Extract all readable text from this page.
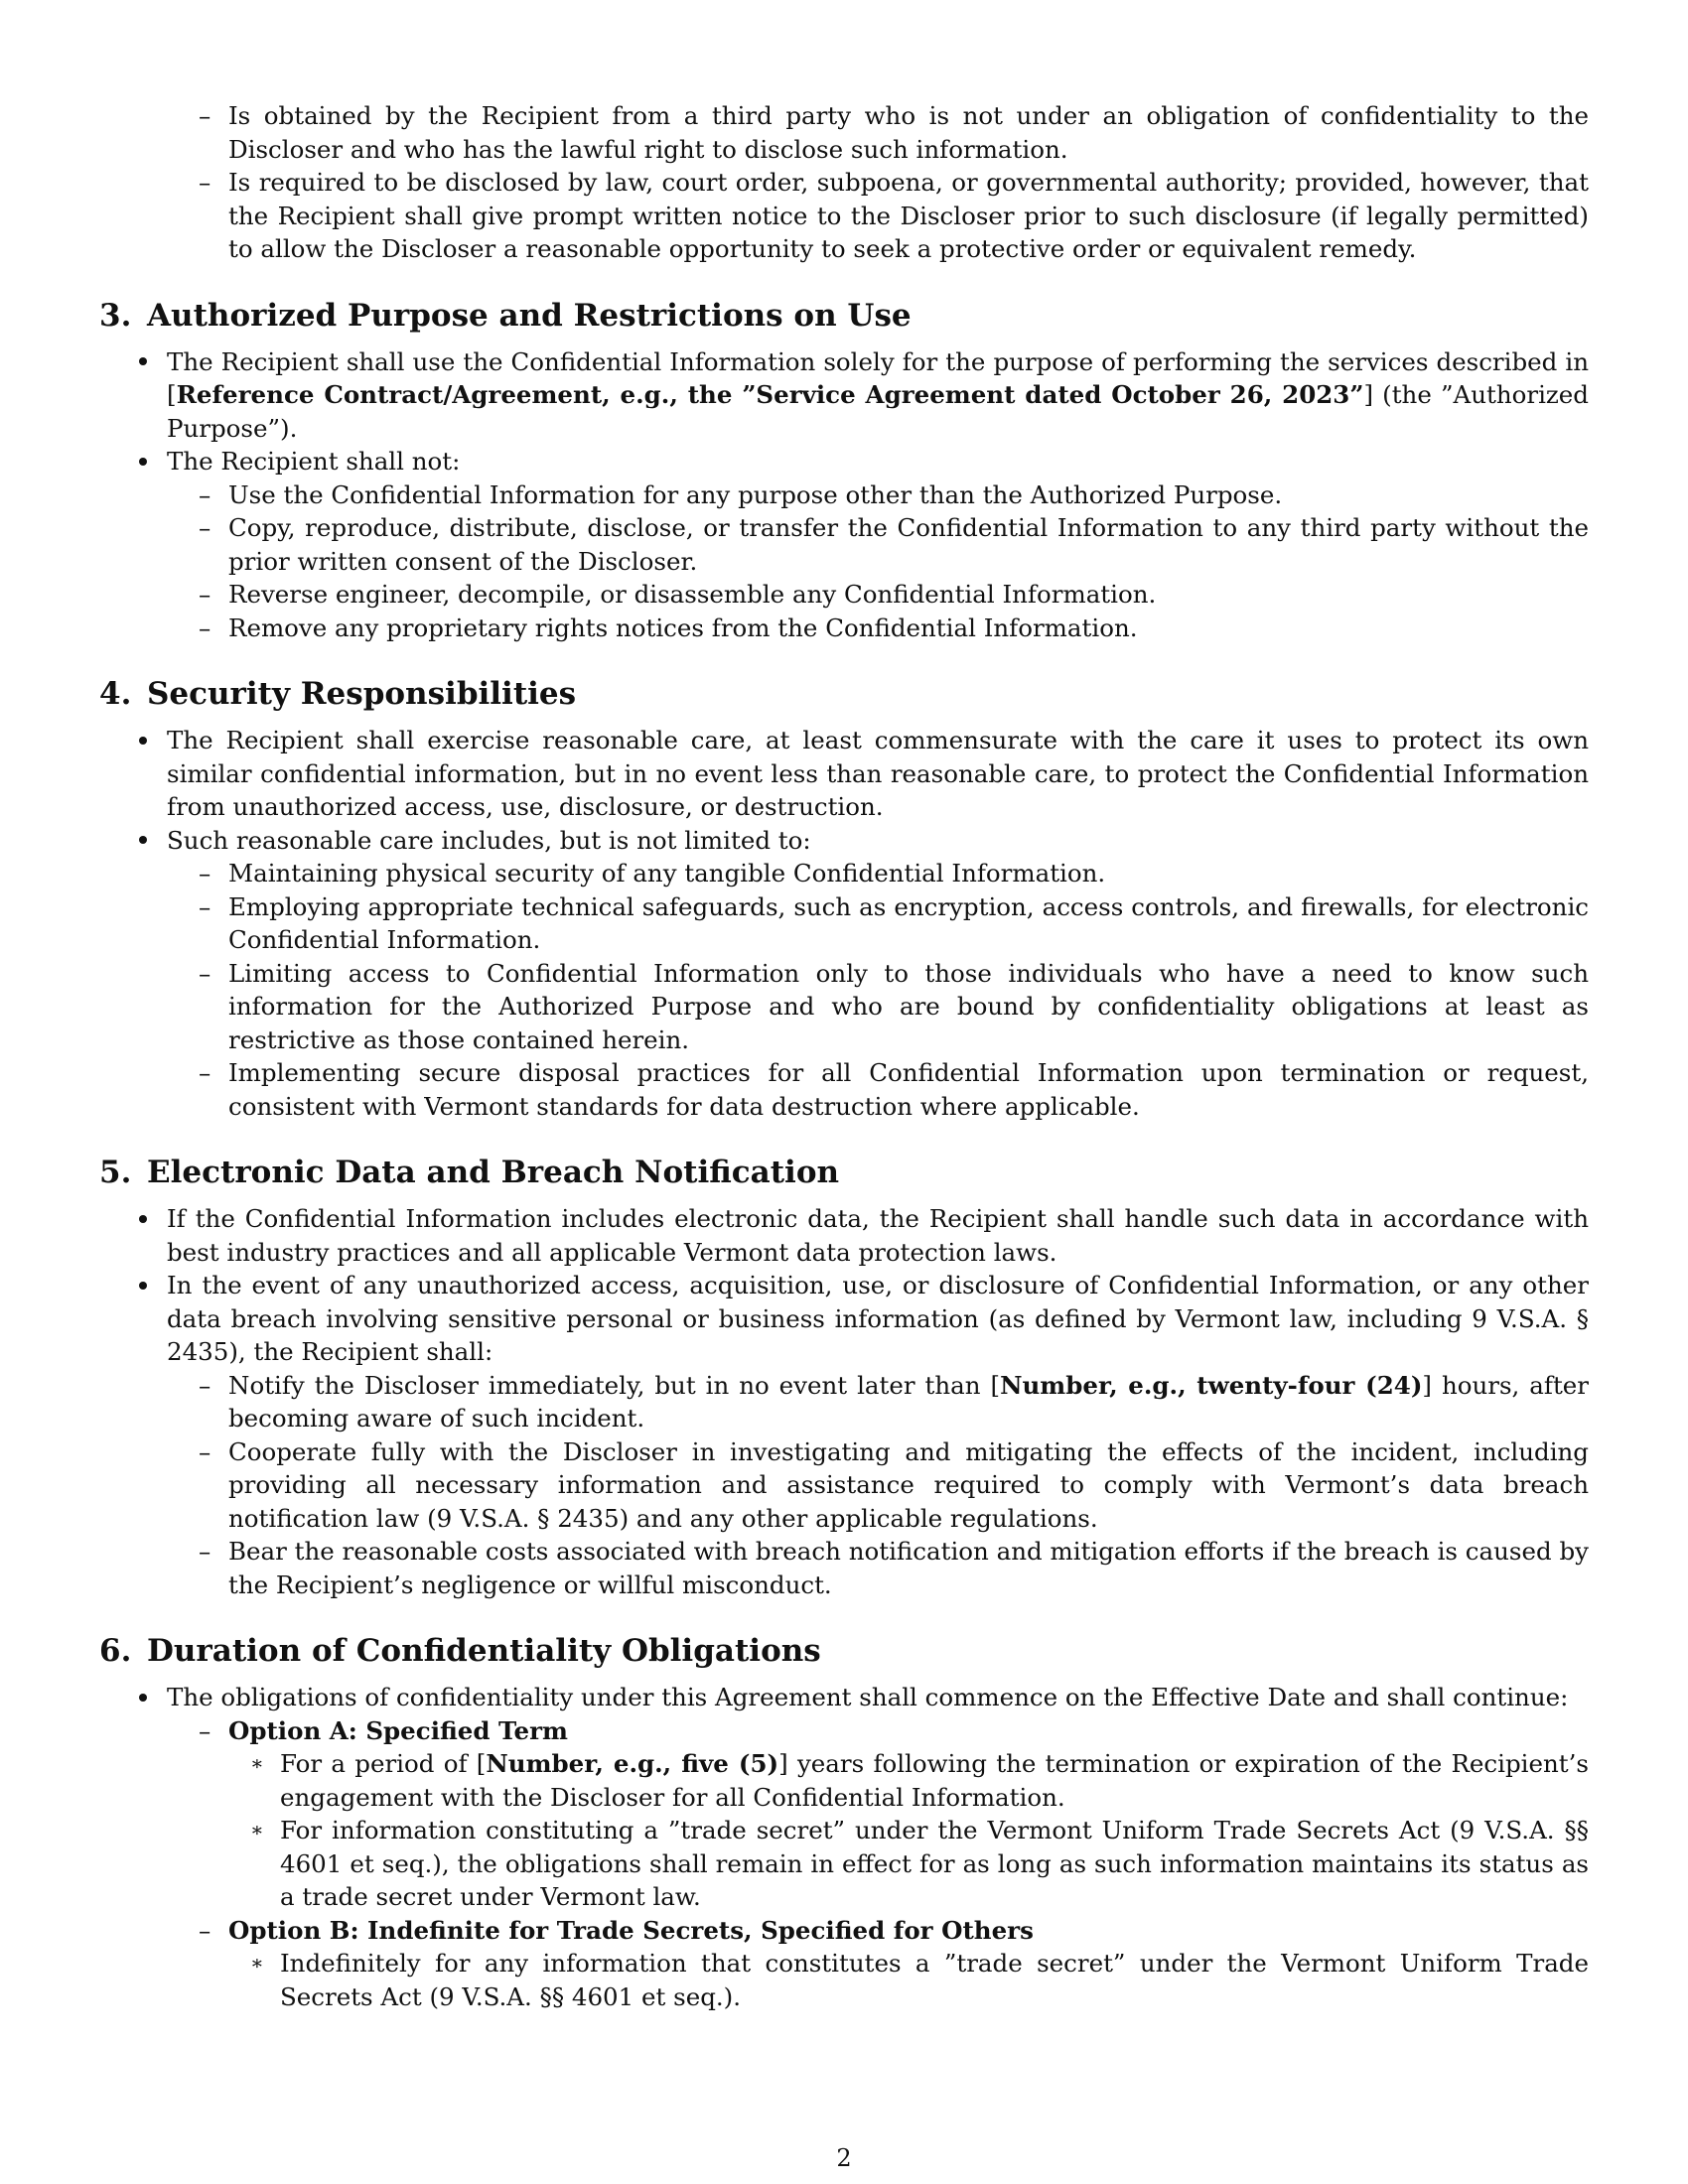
– Is obtained by the Recipient from a third party who is not under an obligation of confidentiality to the Discloser and who has the lawful right to disclose such information.
– Is required to be disclosed by law, court order, subpoena, or governmental authority; provided, however, that the Recipient shall give prompt written notice to the Discloser prior to such disclosure (if legally permitted) to allow the Discloser a reasonable opportunity to seek a protective order or equivalent remedy.
3. Authorized Purpose and Restrictions on Use
The Recipient shall use the Confidential Information solely for the purpose of performing the services described in [Reference Contract/Agreement, e.g., the ”Service Agreement dated October 26, 2023”] (the ”Authorized Purpose”).
The Recipient shall not:
– Use the Confidential Information for any purpose other than the Authorized Purpose.
– Copy, reproduce, distribute, disclose, or transfer the Confidential Information to any third party without the prior written consent of the Discloser.
– Reverse engineer, decompile, or disassemble any Confidential Information.
– Remove any proprietary rights notices from the Confidential Information.
4. Security Responsibilities
The Recipient shall exercise reasonable care, at least commensurate with the care it uses to protect its own similar confidential information, but in no event less than reasonable care, to protect the Confidential Information from unauthorized access, use, disclosure, or destruction.
Such reasonable care includes, but is not limited to:
– Maintaining physical security of any tangible Confidential Information.
– Employing appropriate technical safeguards, such as encryption, access controls, and firewalls, for electronic Confidential Information.
– Limiting access to Confidential Information only to those individuals who have a need to know such information for the Authorized Purpose and who are bound by confidentiality obligations at least as restrictive as those contained herein.
– Implementing secure disposal practices for all Confidential Information upon termination or request, consistent with Vermont standards for data destruction where applicable.
5. Electronic Data and Breach Notification
If the Confidential Information includes electronic data, the Recipient shall handle such data in accordance with best industry practices and all applicable Vermont data protection laws.
In the event of any unauthorized access, acquisition, use, or disclosure of Confidential Information, or any other data breach involving sensitive personal or business information (as defined by Vermont law, including 9 V.S.A. § 2435), the Recipient shall:
– Notify the Discloser immediately, but in no event later than [Number, e.g., twenty-four (24)] hours, after becoming aware of such incident.
– Cooperate fully with the Discloser in investigating and mitigating the effects of the incident, including providing all necessary information and assistance required to comply with Vermont’s data breach notification law (9 V.S.A. § 2435) and any other applicable regulations.
– Bear the reasonable costs associated with breach notification and mitigation efforts if the breach is caused by the Recipient’s negligence or willful misconduct.
6. Duration of Confidentiality Obligations
The obligations of confidentiality under this Agreement shall commence on the Effective Date and shall continue:
– Option A: Specified Term
∗ For a period of [Number, e.g., five (5)] years following the termination or expiration of the Recipient’s engagement with the Discloser for all Confidential Information.
∗ For information constituting a ”trade secret” under the Vermont Uniform Trade Secrets Act (9 V.S.A. §§ 4601 et seq.), the obligations shall remain in effect for as long as such information maintains its status as a trade secret under Vermont law.
– Option B: Indefinite for Trade Secrets, Specified for Others
∗ Indefinitely for any information that constitutes a ”trade secret” under the Vermont Uniform Trade Secrets Act (9 V.S.A. §§ 4601 et seq.).
2
